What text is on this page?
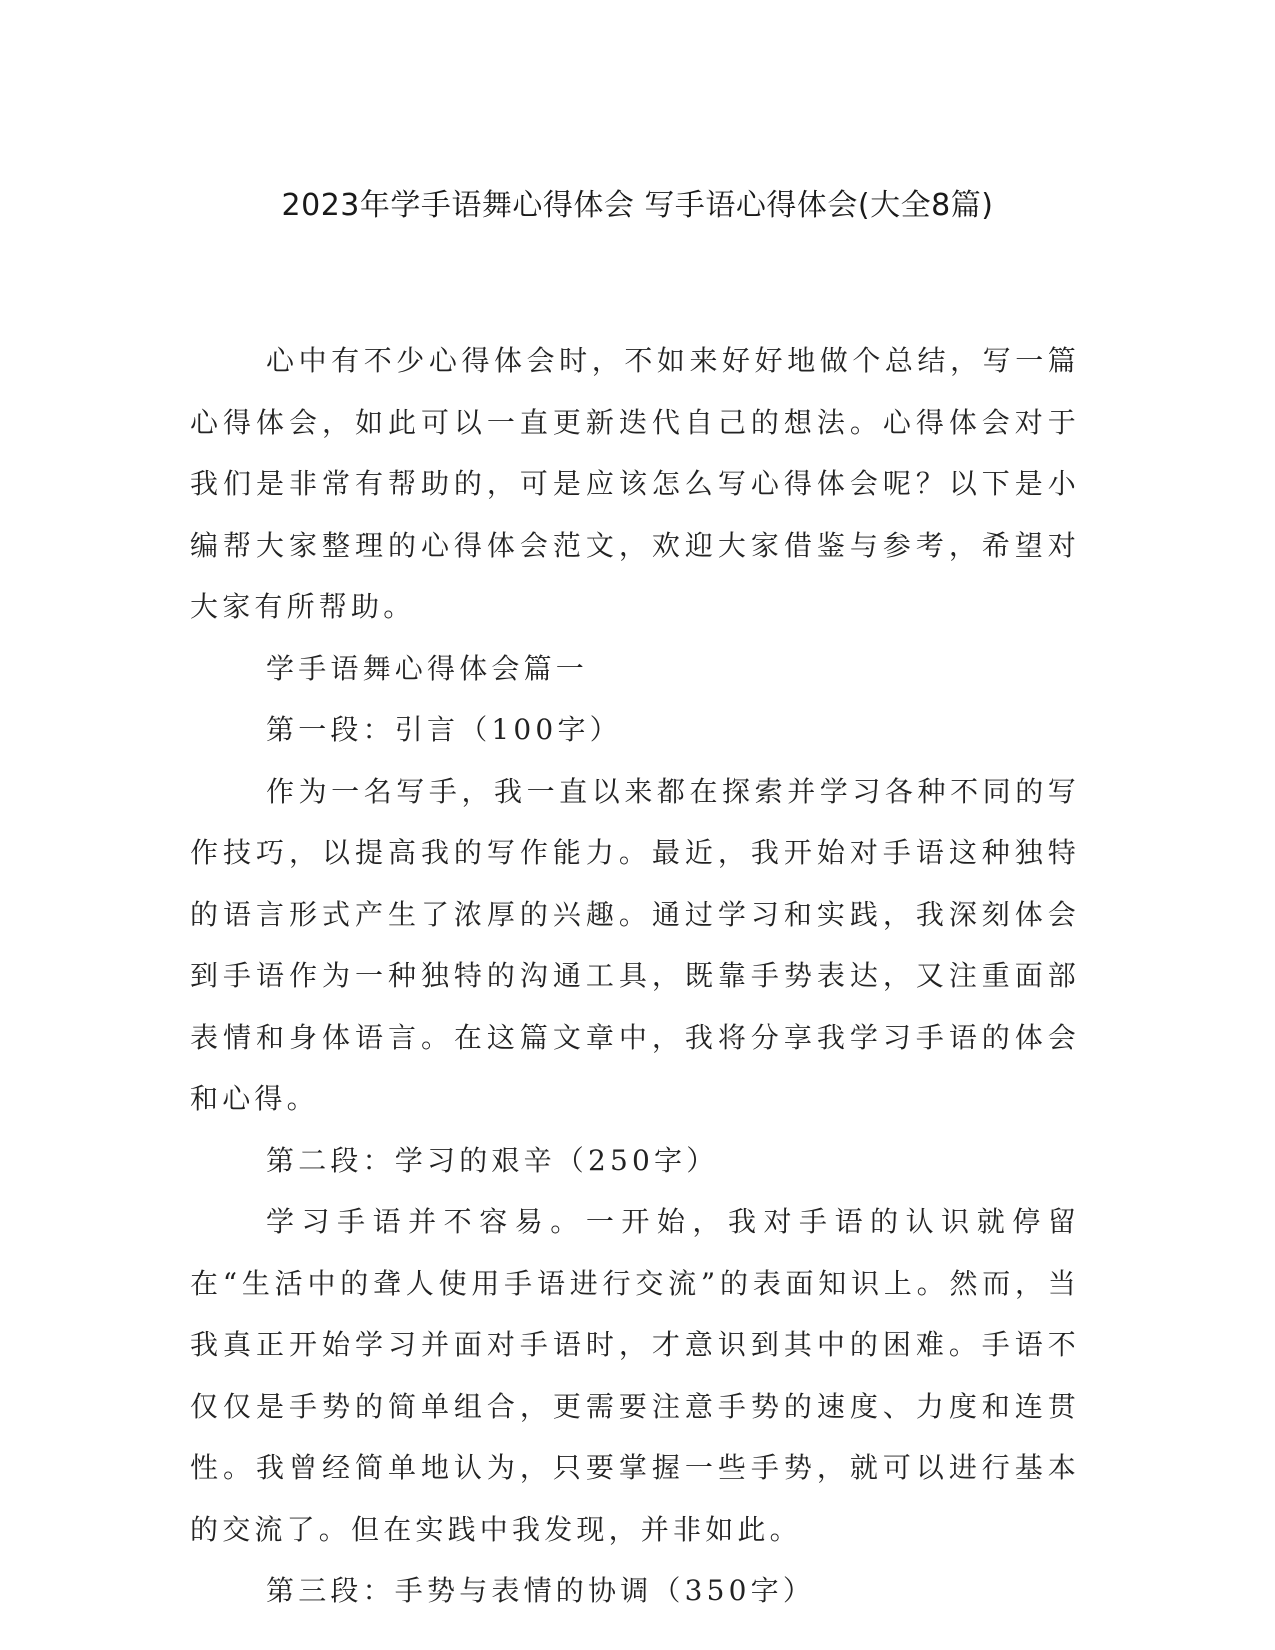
2023年学手语舞心得体会 写手语心得体会(大全8篇)

心中有不少心得体会时，不如来好好地做个总结，写一篇心得体会，如此可以一直更新迭代自己的想法。心得体会对于我们是非常有帮助的，可是应该怎么写心得体会呢？以下是小编帮大家整理的心得体会范文，欢迎大家借鉴与参考，希望对大家有所帮助。

学手语舞心得体会篇一

第一段：引言（100字）

作为一名写手，我一直以来都在探索并学习各种不同的写作技巧，以提高我的写作能力。最近，我开始对手语这种独特的语言形式产生了浓厚的兴趣。通过学习和实践，我深刻体会到手语作为一种独特的沟通工具，既靠手势表达，又注重面部表情和身体语言。在这篇文章中，我将分享我学习手语的体会和心得。

第二段：学习的艰辛（250字）

学习手语并不容易。一开始，我对手语的认识就停留在“生活中的聋人使用手语进行交流”的表面知识上。然而，当我真正开始学习并面对手语时，才意识到其中的困难。手语不仅仅是手势的简单组合，更需要注意手势的速度、力度和连贯性。我曾经简单地认为，只要掌握一些手势，就可以进行基本的交流了。但在实践中我发现，并非如此。

第三段：手势与表情的协调（350字）
